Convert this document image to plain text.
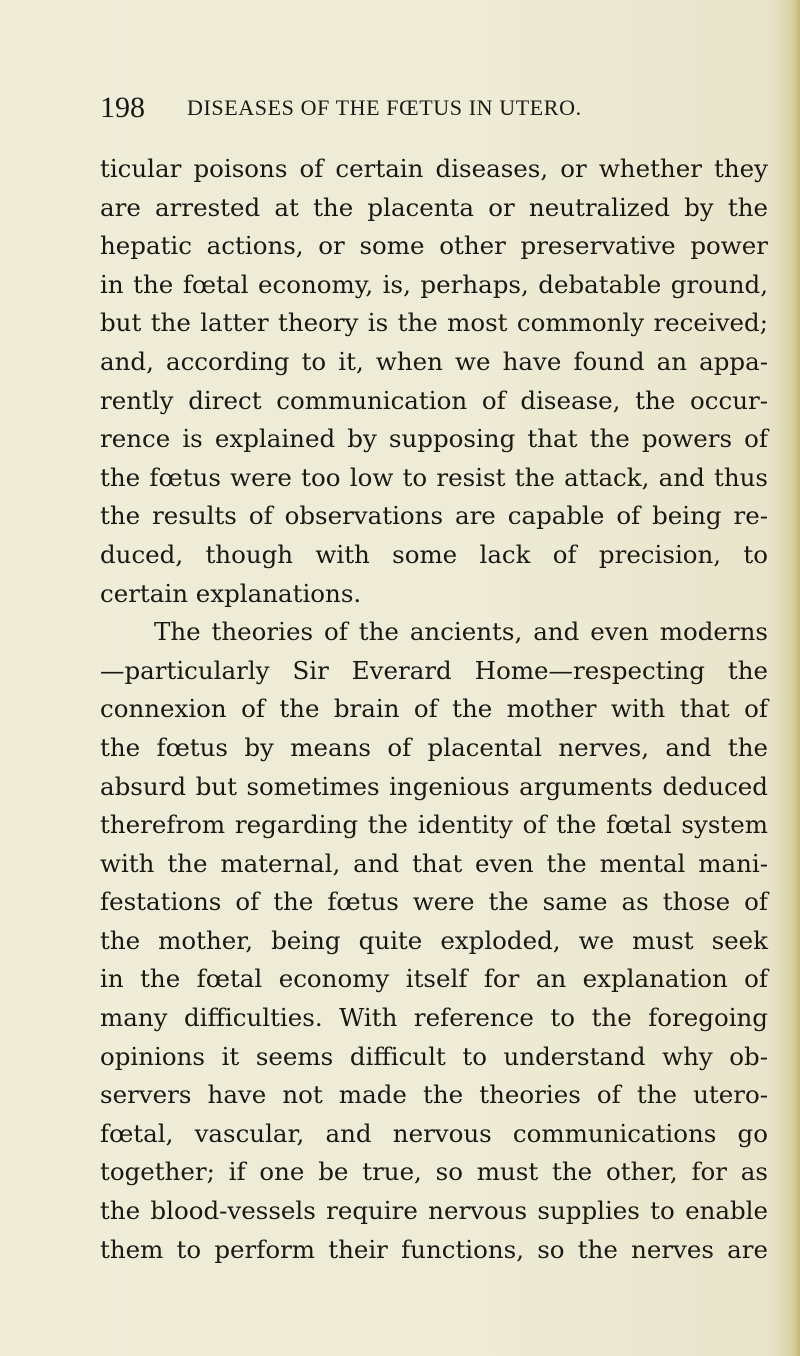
198 DISEASES OF THE FŒTUS IN UTERO.
ticular poisons of certain diseases, or whether they
are arrested at the placenta or neutralized by the
hepatic actions, or some other preservative power
in the fœtal economy, is, perhaps, debatable ground,
but the latter theory is the most commonly received;
and, according to it, when we have found an appa-
rently direct communication of disease, the occur-
rence is explained by supposing that the powers of
the fœtus were too low to resist the attack, and thus
the results of observations are capable of being re-
duced, though with some lack of precision, to
certain explanations.
The theories of the ancients, and even moderns
—particularly Sir Everard Home—respecting the
connexion of the brain of the mother with that of
the fœtus by means of placental nerves, and the
absurd but sometimes ingenious arguments deduced
therefrom regarding the identity of the fœtal system
with the maternal, and that even the mental mani-
festations of the fœtus were the same as those of
the mother, being quite exploded, we must seek
in the fœtal economy itself for an explanation of
many difficulties. With reference to the foregoing
opinions it seems difficult to understand why ob-
servers have not made the theories of the utero-
fœtal, vascular, and nervous communications go
together; if one be true, so must the other, for as
the blood-vessels require nervous supplies to enable
them to perform their functions, so the nerves are
